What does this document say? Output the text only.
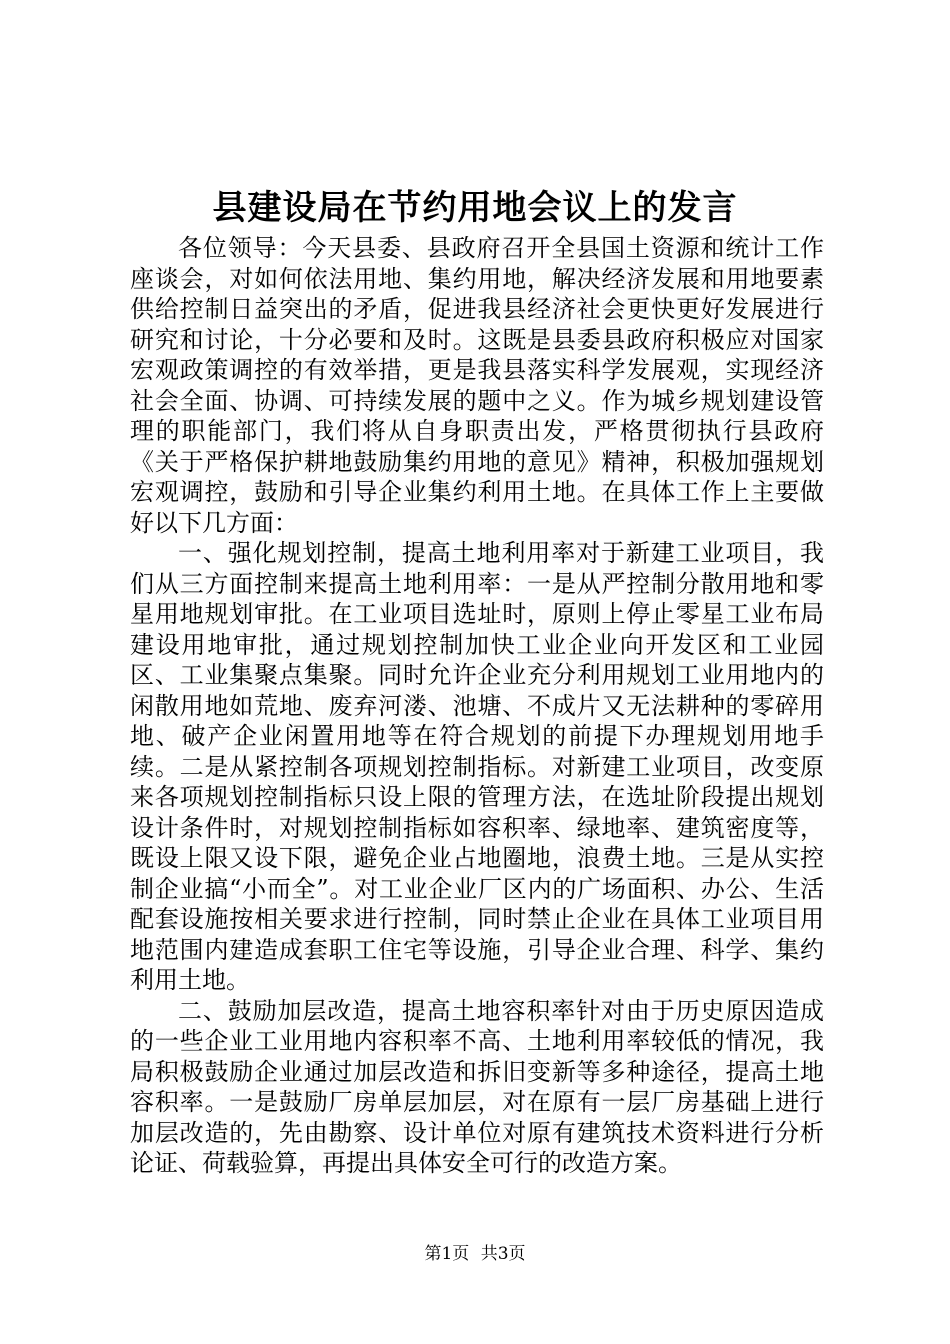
县建设局在节约用地会议上的发言

各位领导：今天县委、县政府召开全县国土资源和统计工作座谈会，对如何依法用地、集约用地，解决经济发展和用地要素供给控制日益突出的矛盾，促进我县经济社会更快更好发展进行研究和讨论，十分必要和及时。这既是县委县政府积极应对国家宏观政策调控的有效举措，更是我县落实科学发展观，实现经济社会全面、协调、可持续发展的题中之义。作为城乡规划建设管理的职能部门，我们将从自身职责出发，严格贯彻执行县政府《关于严格保护耕地鼓励集约用地的意见》精神，积极加强规划宏观调控，鼓励和引导企业集约利用土地。在具体工作上主要做好以下几方面：

一、强化规划控制，提高土地利用率对于新建工业项目，我们从三方面控制来提高土地利用率：一是从严控制分散用地和零星用地规划审批。在工业项目选址时，原则上停止零星工业布局建设用地审批，通过规划控制加快工业企业向开发区和工业园区、工业集聚点集聚。同时允许企业充分利用规划工业用地内的闲散用地如荒地、废弃河溇、池塘、不成片又无法耕种的零碎用地、破产企业闲置用地等在符合规划的前提下办理规划用地手续。二是从紧控制各项规划控制指标。对新建工业项目，改变原来各项规划控制指标只设上限的管理方法，在选址阶段提出规划设计条件时，对规划控制指标如容积率、绿地率、建筑密度等，既设上限又设下限，避免企业占地圈地，浪费土地。三是从实控制企业搞“小而全”。对工业企业厂区内的广场面积、办公、生活配套设施按相关要求进行控制，同时禁止企业在具体工业项目用地范围内建造成套职工住宅等设施，引导企业合理、科学、集约利用土地。

二、鼓励加层改造，提高土地容积率针对由于历史原因造成的一些企业工业用地内容积率不高、土地利用率较低的情况，我局积极鼓励企业通过加层改造和拆旧变新等多种途径，提高土地容积率。一是鼓励厂房单层加层，对在原有一层厂房基础上进行加层改造的，先由勘察、设计单位对原有建筑技术资料进行分析论证、荷载验算，再提出具体安全可行的改造方案。

第1页 共3页
